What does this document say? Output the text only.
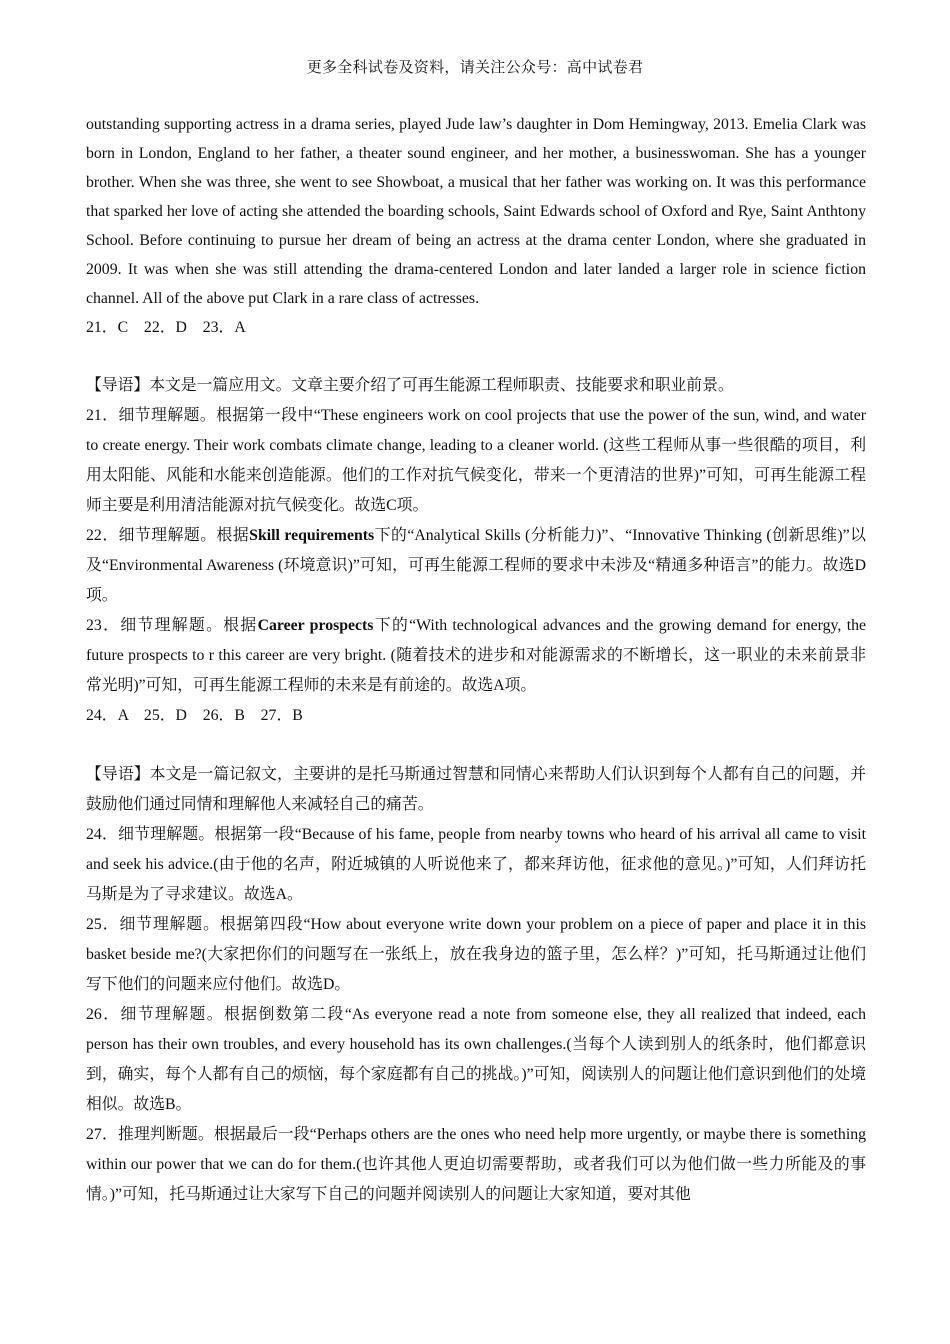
更多全科试卷及资料，请关注公众号：高中试卷君

outstanding supporting actress in a drama series, played Jude law’s daughter in Dom Hemingway, 2013. Emelia Clark was born in London, England to her father, a theater sound engineer, and her mother, a businesswoman. She has a younger brother. When she was three, she went to see Showboat, a musical that her father was working on. It was this performance that sparked her love of acting she attended the boarding schools, Saint Edwards school of Oxford and Rye, Saint Anthtony School. Before continuing to pursue her dream of being an actress at the drama center London, where she graduated in 2009. It was when she was still attending the drama-centered London and later landed a larger role in science fiction channel. All of the above put Clark in a rare class of actresses.

21．C　22．D　23．A

【导语】本文是一篇应用文。文章主要介绍了可再生能源工程师职责、技能要求和职业前景。

21．细节理解题。根据第一段中“These engineers work on cool projects that use the power of the sun, wind, and water to create energy. Their work combats climate change, leading to a cleaner world. (这些工程师从事一些很酷的项目，利用太阳能、风能和水能来创造能源。他们的工作对抗气候变化，带来一个更清洁的世界)”可知，可再生能源工程师主要是利用清洁能源对抗气候变化。故选C项。

22．细节理解题。根据Skill requirements下的“Analytical Skills (分析能力)”、“Innovative Thinking (创新思维)”以及“Environmental Awareness (环境意识)”可知，可再生能源工程师的要求中未涉及“精通多种语言”的能力。故选D项。

23．细节理解题。根据Career prospects下的“With technological advances and the growing demand for energy, the future prospects to r this career are very bright. (随着技术的进步和对能源需求的不断增长，这一职业的未来前景非常光明)”可知，可再生能源工程师的未来是有前途的。故选A项。

24．A　25．D　26．B　27．B

【导语】本文是一篇记叙文，主要讲的是托马斯通过智慧和同情心来帮助人们认识到每个人都有自己的问题，并鼓励他们通过同情和理解他人来减轻自己的痛苦。

24．细节理解题。根据第一段“Because of his fame, people from nearby towns who heard of his arrival all came to visit and seek his advice.(由于他的名声，附近城镇的人听说他来了，都来拜访他，征求他的意见。)”可知，人们拜访托马斯是为了寻求建议。故选A。

25．细节理解题。根据第四段“How about everyone write down your problem on a piece of paper and place it in this basket beside me?(大家把你们的问题写在一张纸上，放在我身边的篮子里，怎么样？)”可知，托马斯通过让他们写下他们的问题来应付他们。故选D。

26．细节理解题。根据倒数第二段“As everyone read a note from someone else, they all realized that indeed, each person has their own troubles, and every household has its own challenges.(当每个人读到别人的纸条时，他们都意识到，确实，每个人都有自己的烦恼，每个家庭都有自己的挑战。)”可知，阅读别人的问题让他们意识到他们的处境相似。故选B。

27．推理判断题。根据最后一段“Perhaps others are the ones who need help more urgently, or maybe there is something within our power that we can do for them.(也许其他人更迫切需要帮助，或者我们可以为他们做一些力所能及的事情。)”可知，托马斯通过让大家写下自己的问题并阅读别人的问题让大家知道，要对其他
